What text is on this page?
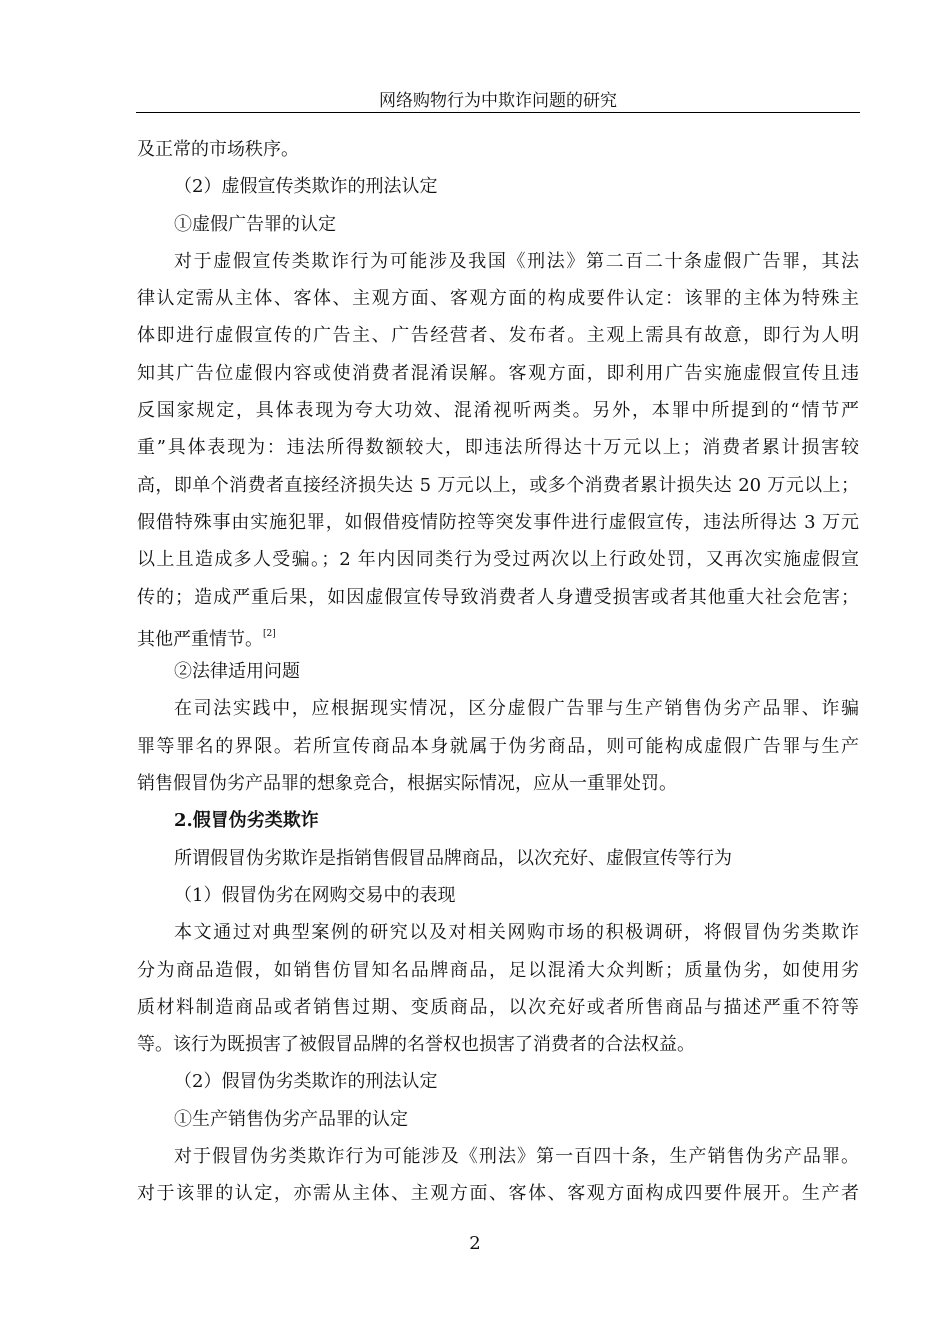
网络购物行为中欺诈问题的研究
及正常的市场秩序。
（2）虚假宣传类欺诈的刑法认定
①虚假广告罪的认定
对于虚假宣传类欺诈行为可能涉及我国《刑法》第二百二十条虚假广告罪，其法
律认定需从主体、客体、主观方面、客观方面的构成要件认定：该罪的主体为特殊主
体即进行虚假宣传的广告主、广告经营者、发布者。主观上需具有故意，即行为人明
知其广告位虚假内容或使消费者混淆误解。客观方面，即利用广告实施虚假宣传且违
反国家规定，具体表现为夸大功效、混淆视听两类。另外，本罪中所提到的“情节严
重”具体表现为：违法所得数额较大，即违法所得达十万元以上；消费者累计损害较
高，即单个消费者直接经济损失达 5 万元以上，或多个消费者累计损失达 20 万元以上；
假借特殊事由实施犯罪，如假借疫情防控等突发事件进行虚假宣传，违法所得达 3 万元
以上且造成多人受骗。；2 年内因同类行为受过两次以上行政处罚，又再次实施虚假宣
传的；造成严重后果，如因虚假宣传导致消费者人身遭受损害或者其他重大社会危害；
其他严重情节。[2]
②法律适用问题
在司法实践中，应根据现实情况，区分虚假广告罪与生产销售伪劣产品罪、诈骗
罪等罪名的界限。若所宣传商品本身就属于伪劣商品，则可能构成虚假广告罪与生产
销售假冒伪劣产品罪的想象竞合，根据实际情况，应从一重罪处罚。
2.假冒伪劣类欺诈
所谓假冒伪劣欺诈是指销售假冒品牌商品，以次充好、虚假宣传等行为
（1）假冒伪劣在网购交易中的表现
本文通过对典型案例的研究以及对相关网购市场的积极调研，将假冒伪劣类欺诈
分为商品造假，如销售仿冒知名品牌商品，足以混淆大众判断；质量伪劣，如使用劣
质材料制造商品或者销售过期、变质商品，以次充好或者所售商品与描述严重不符等
等。该行为既损害了被假冒品牌的名誉权也损害了消费者的合法权益。
（2）假冒伪劣类欺诈的刑法认定
①生产销售伪劣产品罪的认定
对于假冒伪劣类欺诈行为可能涉及《刑法》第一百四十条，生产销售伪劣产品罪。
对于该罪的认定，亦需从主体、主观方面、客体、客观方面构成四要件展开。生产者
2
